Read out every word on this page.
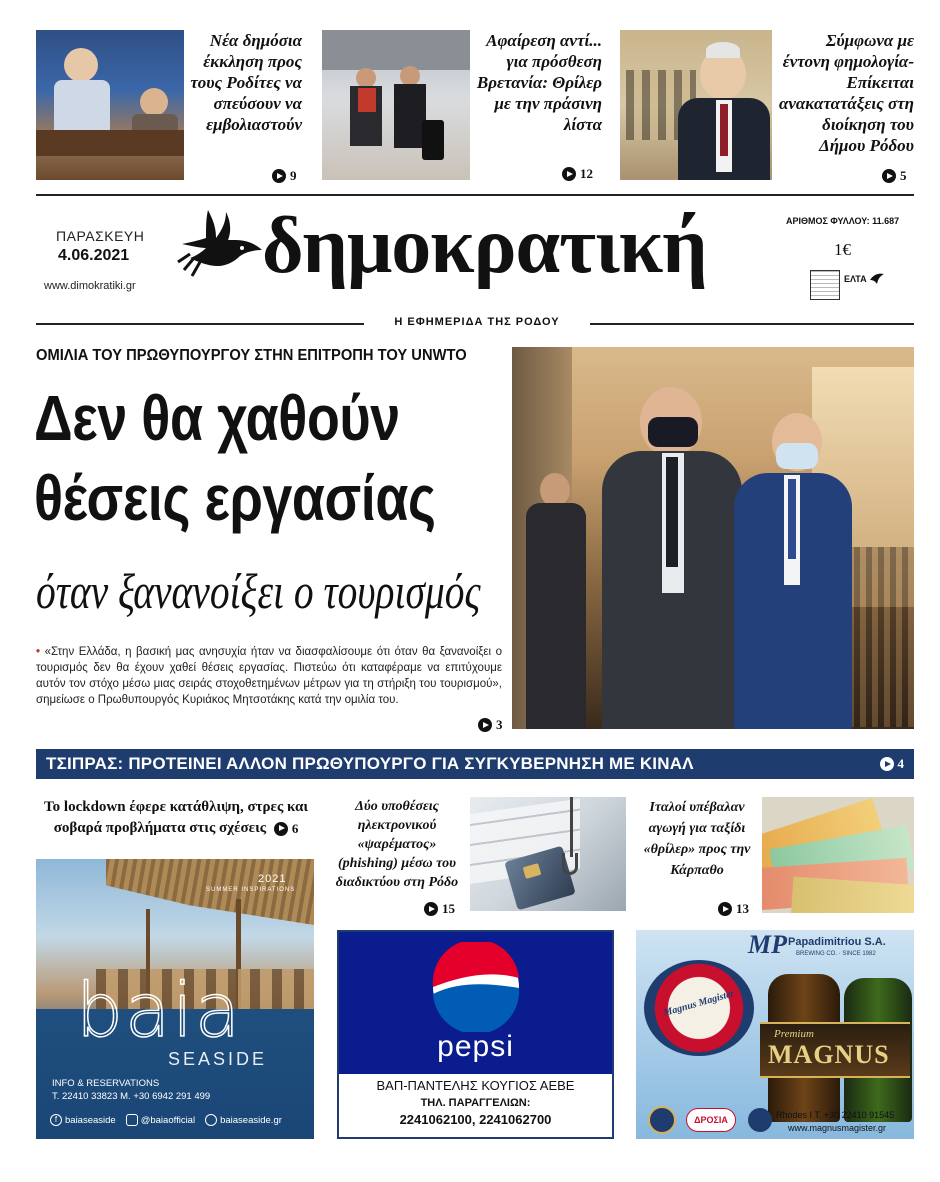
Νέα δημόσια έκκληση προς τους Ροδίτες να σπεύσουν να εμβολιαστούν
9
Αφαίρεση αντί... για πρόσθεση Βρετανία: Θρίλερ με την πράσινη λίστα
12
Σύμφωνα με έντονη φημολογία- Επίκειται ανακατατάξεις στη διοίκηση του Δήμου Ρόδου
5
ΠΑΡΑΣΚΕΥΗ
4.06.2021
www.dimokratiki.gr δημοκρατική	ΑΡΙΘΜΟΣ ΦΥΛΛΟΥ: 11.687
1€
ΕΛΤΑ
Η ΕΦΗΜΕΡΙΔΑ ΤΗΣ ΡΟΔΟΥ
ΟΜΙΛΙΑ ΤΟΥ ΠΡΩΘΥΠΟΥΡΓΟΥ ΣΤΗΝ ΕΠΙΤΡΟΠΗ ΤΟΥ UNWTO
Δεν θα χαθούν
θέσεις εργασίας
όταν ξανανοίξει ο τουρισμός
• «Στην Ελλάδα, η βασική μας ανησυχία ήταν να διασφαλίσουμε ότι όταν θα ξανανοίξει ο τουρισμός δεν θα έχουν χαθεί θέσεις εργασίας. Πιστεύω ότι καταφέραμε να επιτύχουμε αυτόν τον στόχο μέσω μιας σειράς στοχοθετημένων μέτρων για τη στήριξη του τουρισμού», σημείωσε ο Πρωθυπουργός Κυριάκος Μητσοτάκης κατά την ομιλία του.
3
ΤΣΙΠΡΑΣ: ΠΡΟΤΕΙΝΕΙ ΑΛΛΟΝ ΠΡΩΘΥΠΟΥΡΓΟ ΓΙΑ ΣΥΓΚΥΒΕΡΝΗΣΗ ΜΕ ΚΙΝΑΛ	4
Το lockdown έφερε κατάθλιψη, στρες και σοβαρά προβλήματα στις σχέσεις 6
Δύο υποθέσεις ηλεκτρονικού «ψαρέματος» (phishing) μέσω του διαδικτύου στη Ρόδο
15
Ιταλοί υπέβαλαν αγωγή για ταξίδι «θρίλερ» προς την Κάρπαθο
13
2021
SUMMER INSPIRATIONS
baia
SEASIDE
INFO & RESERVATIONS
T. 22410 33823 M. +30 6942 291 499
f baiaseaside	@baiaofficial	baiaseaside.gr
pepsi
ΒΑΠ-ΠΑΝΤΕΛΗΣ ΚΟΥΓΙΟΣ ΑΕΒΕ
ΤΗΛ. ΠΑΡΑΓΓΕΛΙΩΝ:
2241062100, 2241062700
MP Papadimitriou S.A.
BREWING CO. · SINCE 1982
Magnus Magister
Premium
MAGNUS
ΔΡΟΣΙΑ	Rhodes I T. +30 22410 91545
www.magnusmagister.gr
